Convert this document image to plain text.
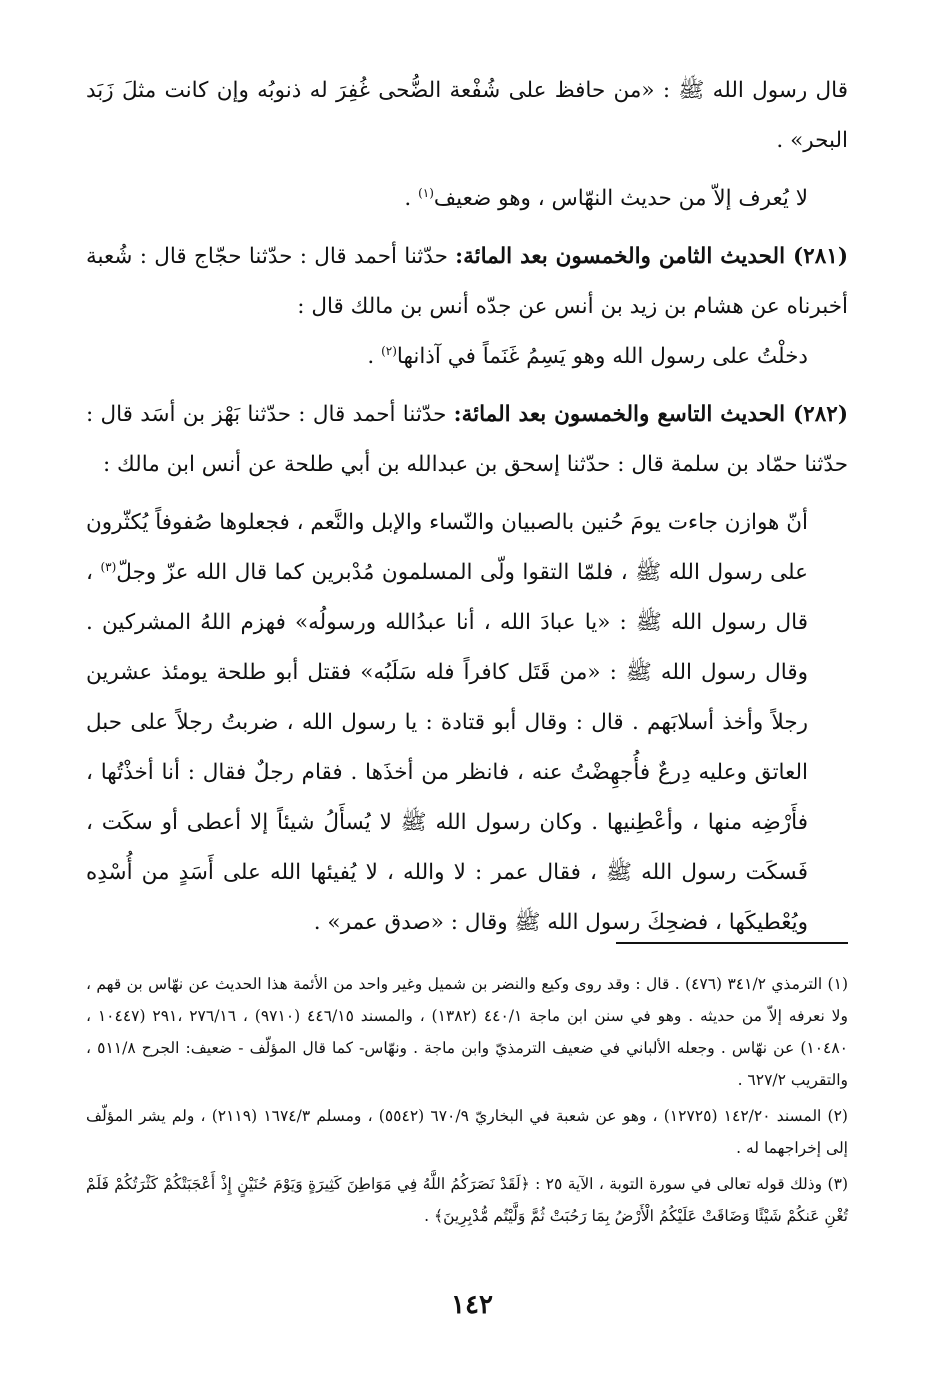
قال رسول الله ﷺ : «من حافظ على شُفْعة الضُّحى غُفِرَ له ذنوبُه وإن كانت مثلَ زَبَد البحر» .

لا يُعرف إلاّ من حديث النهّاس ، وهو ضعيف$^{(١)}$ .

(٢٨١) الحديث الثامن والخمسون بعد المائة: حدّثنا أحمد قال : حدّثنا حجّاج قال : شُعبة أخبرناه عن هشام بن زيد بن أنس عن جدّه أنس بن مالك قال :

دخلْتُ على رسول الله وهو يَسِمُ غَنَماً في آذانها$^{(٢)}$ .

(٢٨٢) الحديث التاسع والخمسون بعد المائة: حدّثنا أحمد قال : حدّثنا بَهْز بن أسَد قال : حدّثنا حمّاد بن سلمة قال : حدّثنا إسحق بن عبدالله بن أبي طلحة عن أنس ابن مالك :

أنّ هوازن جاءت يومَ حُنين بالصبيان والنّساء والإبل والنَّعم ، فجعلوها صُفوفاً يُكثّرون على رسول الله ﷺ ، فلمّا التقوا ولّى المسلمون مُدْبرين كما قال الله عزّ وجلّ$^{(٣)}$ ، قال رسول الله ﷺ : «يا عبادَ الله ، أنا عبدُالله ورسولُه» فهزم اللهُ المشركين . وقال رسول الله ﷺ : «من قَتَل كافراً فله سَلَبُه» فقتل أبو طلحة يومئذ عشرين رجلاً وأخذ أسلابَهم . قال : وقال أبو قتادة : يا رسول الله ، ضربتُ رجلاً على حبل العاتق وعليه دِرعٌ فأُجهِضْتُ عنه ، فانظر من أخذَها . فقام رجلٌ فقال : أنا أخذْتُها ، فأَرْضِه منها ، وأعْطِنيها . وكان رسول الله ﷺ لا يُسأَلُ شيئاً إلا أعطى أو سكَت ، فَسكَت رسول الله ﷺ ، فقال عمر : لا والله ، لا يُفيئها الله على أَسَدٍ من أُسْدِه ويُعْطيكَها ، فضحِكَ رسول الله ﷺ وقال : «صدق عمر» .

(١) الترمذي ٣٤١/٢ (٤٧٦) . قال : وقد روى وكيع والنضر بن شميل وغير واحد من الأئمة هذا الحديث عن نهّاس بن قهم ، ولا نعرفه إلاّ من حديثه . وهو في سنن ابن ماجة ٤٤٠/١ (١٣٨٢) ، والمسند ٤٤٦/١٥ (٩٧١٠) ، ٢٧٦/١٦ ،٢٩١ (١٠٤٤٧ ، ١٠٤٨٠) عن نهّاس . وجعله الألباني في ضعيف الترمذيّ وابن ماجة . ونهّاس- كما قال المؤلّف - ضعيف: الجرح ٥١١/٨ ، والتقريب ٦٢٧/٢ .

(٢) المسند ١٤٢/٢٠ (١٢٧٢٥) ، وهو عن شعبة في البخاريّ ٦٧٠/٩ (٥٥٤٢) ، ومسلم ١٦٧٤/٣ (٢١١٩) ، ولم يشر المؤلّف إلى إخراجهما له .

(٣) وذلك قوله تعالى في سورة التوبة ، الآية ٢٥ : ﴿لَقَدْ نَصَرَكُمُ اللَّهُ فِي مَوَاطِنَ كَثِيرَةٍ وَيَوْمَ حُنَيْنٍ إِذْ أَعْجَبَتْكُمْ كَثْرَتُكُمْ فَلَمْ تُغْنِ عَنكُمْ شَيْئًا وَضَاقَتْ عَلَيْكُمُ الْأَرْضُ بِمَا رَحُبَتْ ثُمَّ وَلَّيْتُم مُّدْبِرِينَ﴾ .

١٤٢
